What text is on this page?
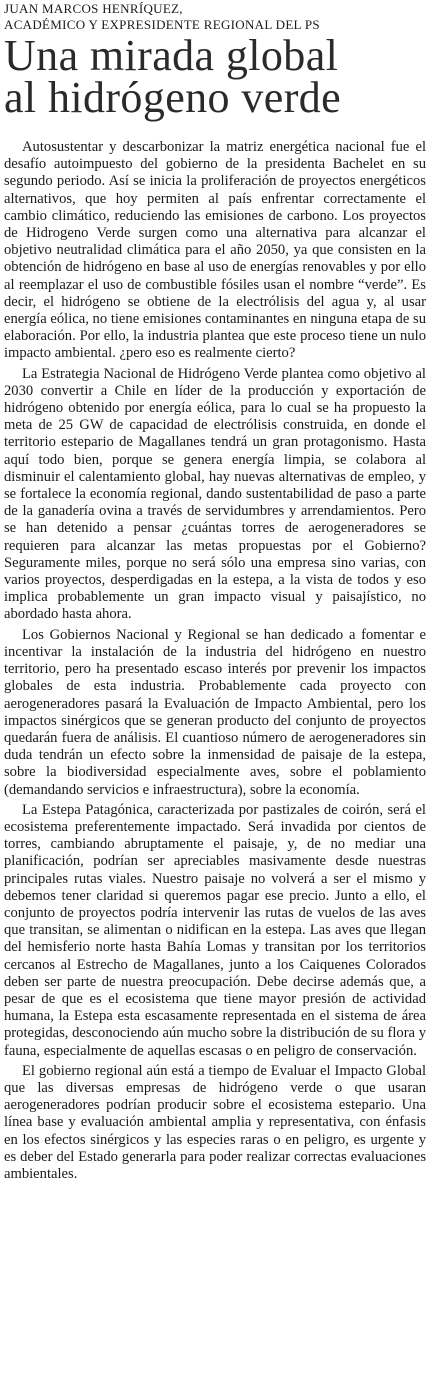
JUAN MARCOS HENRÍQUEZ,
ACADÉMICO Y EXPRESIDENTE REGIONAL DEL PS
Una mirada global
al hidrógeno verde

Autosustentar y descarbonizar la matriz energética nacional fue el desafío autoimpuesto del gobierno de la presidenta Bachelet en su segundo periodo. Así se inicia la proliferación de proyectos energéticos alternativos, que hoy permiten al país enfrentar correctamente el cambio climático, reduciendo las emisiones de carbono. Los proyectos de Hidrogeno Verde surgen como una alternativa para alcanzar el objetivo neutralidad climática para el año 2050, ya que consisten en la obtención de hidrógeno en base al uso de energías renovables y por ello al reemplazar el uso de combustible fósiles usan el nombre “verde”. Es decir, el hidrógeno se obtiene de la electrólisis del agua y, al usar energía eólica, no tiene emisiones contaminantes en ninguna etapa de su elaboración. Por ello, la industria plantea que este proceso tiene un nulo impacto ambiental. ¿pero eso es realmente cierto?

La Estrategia Nacional de Hidrógeno Verde plantea como objetivo al 2030 convertir a Chile en líder de la producción y exportación de hidrógeno obtenido por energía eólica, para lo cual se ha propuesto la meta de 25 GW de capacidad de electrólisis construida, en donde el territorio estepario de Magallanes tendrá un gran protagonismo. Hasta aquí todo bien, porque se genera energía limpia, se colabora al disminuir el calentamiento global, hay nuevas alternativas de empleo, y se fortalece la economía regional, dando sustentabilidad de paso a parte de la ganadería ovina a través de servidumbres y arrendamientos. Pero se han detenido a pensar ¿cuántas torres de aerogeneradores se requieren para alcanzar las metas propuestas por el Gobierno? Seguramente miles, porque no será sólo una empresa sino varias, con varios proyectos, desperdigadas en la estepa, a la vista de todos y eso implica probablemente un gran impacto visual y paisajístico, no abordado hasta ahora.

Los Gobiernos Nacional y Regional se han dedicado a fomentar e incentivar la instalación de la industria del hidrógeno en nuestro territorio, pero ha presentado escaso interés por prevenir los impactos globales de esta industria. Probablemente cada proyecto con aerogeneradores pasará la Evaluación de Impacto Ambiental, pero los impactos sinérgicos que se generan producto del conjunto de proyectos quedarán fuera de análisis. El cuantioso número de aerogeneradores sin duda tendrán un efecto sobre la inmensidad de paisaje de la estepa, sobre la biodiversidad especialmente aves, sobre el poblamiento (demandando servicios e infraestructura), sobre la economía.

La Estepa Patagónica, caracterizada por pastizales de coirón, será el ecosistema preferentemente impactado. Será invadida por cientos de torres, cambiando abruptamente el paisaje, y, de no mediar una planificación, podrían ser apreciables masivamente desde nuestras principales rutas viales. Nuestro paisaje no volverá a ser el mismo y debemos tener claridad si queremos pagar ese precio. Junto a ello, el conjunto de proyectos podría intervenir las rutas de vuelos de las aves que transitan, se alimentan o nidifican en la estepa. Las aves que llegan del hemisferio norte hasta Bahía Lomas y transitan por los territorios cercanos al Estrecho de Magallanes, junto a los Caiquenes Colorados deben ser parte de nuestra preocupación. Debe decirse además que, a pesar de que es el ecosistema que tiene mayor presión de actividad humana, la Estepa esta escasamente representada en el sistema de área protegidas, desconociendo aún mucho sobre la distribución de su flora y fauna, especialmente de aquellas escasas o en peligro de conservación.

El gobierno regional aún está a tiempo de Evaluar el Impacto Global que las diversas empresas de hidrógeno verde o que usaran aerogeneradores podrían producir sobre el ecosistema estepario. Una línea base y evaluación ambiental amplia y representativa, con énfasis en los efectos sinérgicos y las especies raras o en peligro, es urgente y es deber del Estado generarla para poder realizar correctas evaluaciones ambientales.
